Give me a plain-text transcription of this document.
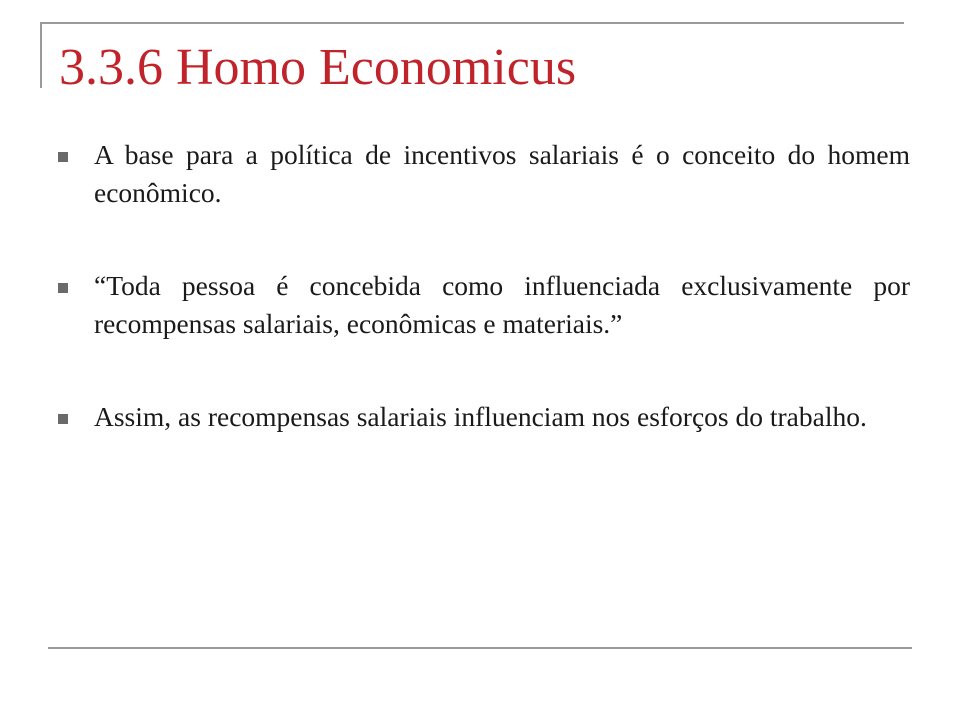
3.3.6 Homo Economicus
A base para a política de incentivos salariais é o conceito do homem econômico.
“Toda pessoa é concebida como influenciada exclusivamente por recompensas salariais, econômicas e materiais.”
Assim, as recompensas salariais influenciam nos esforços do trabalho.
